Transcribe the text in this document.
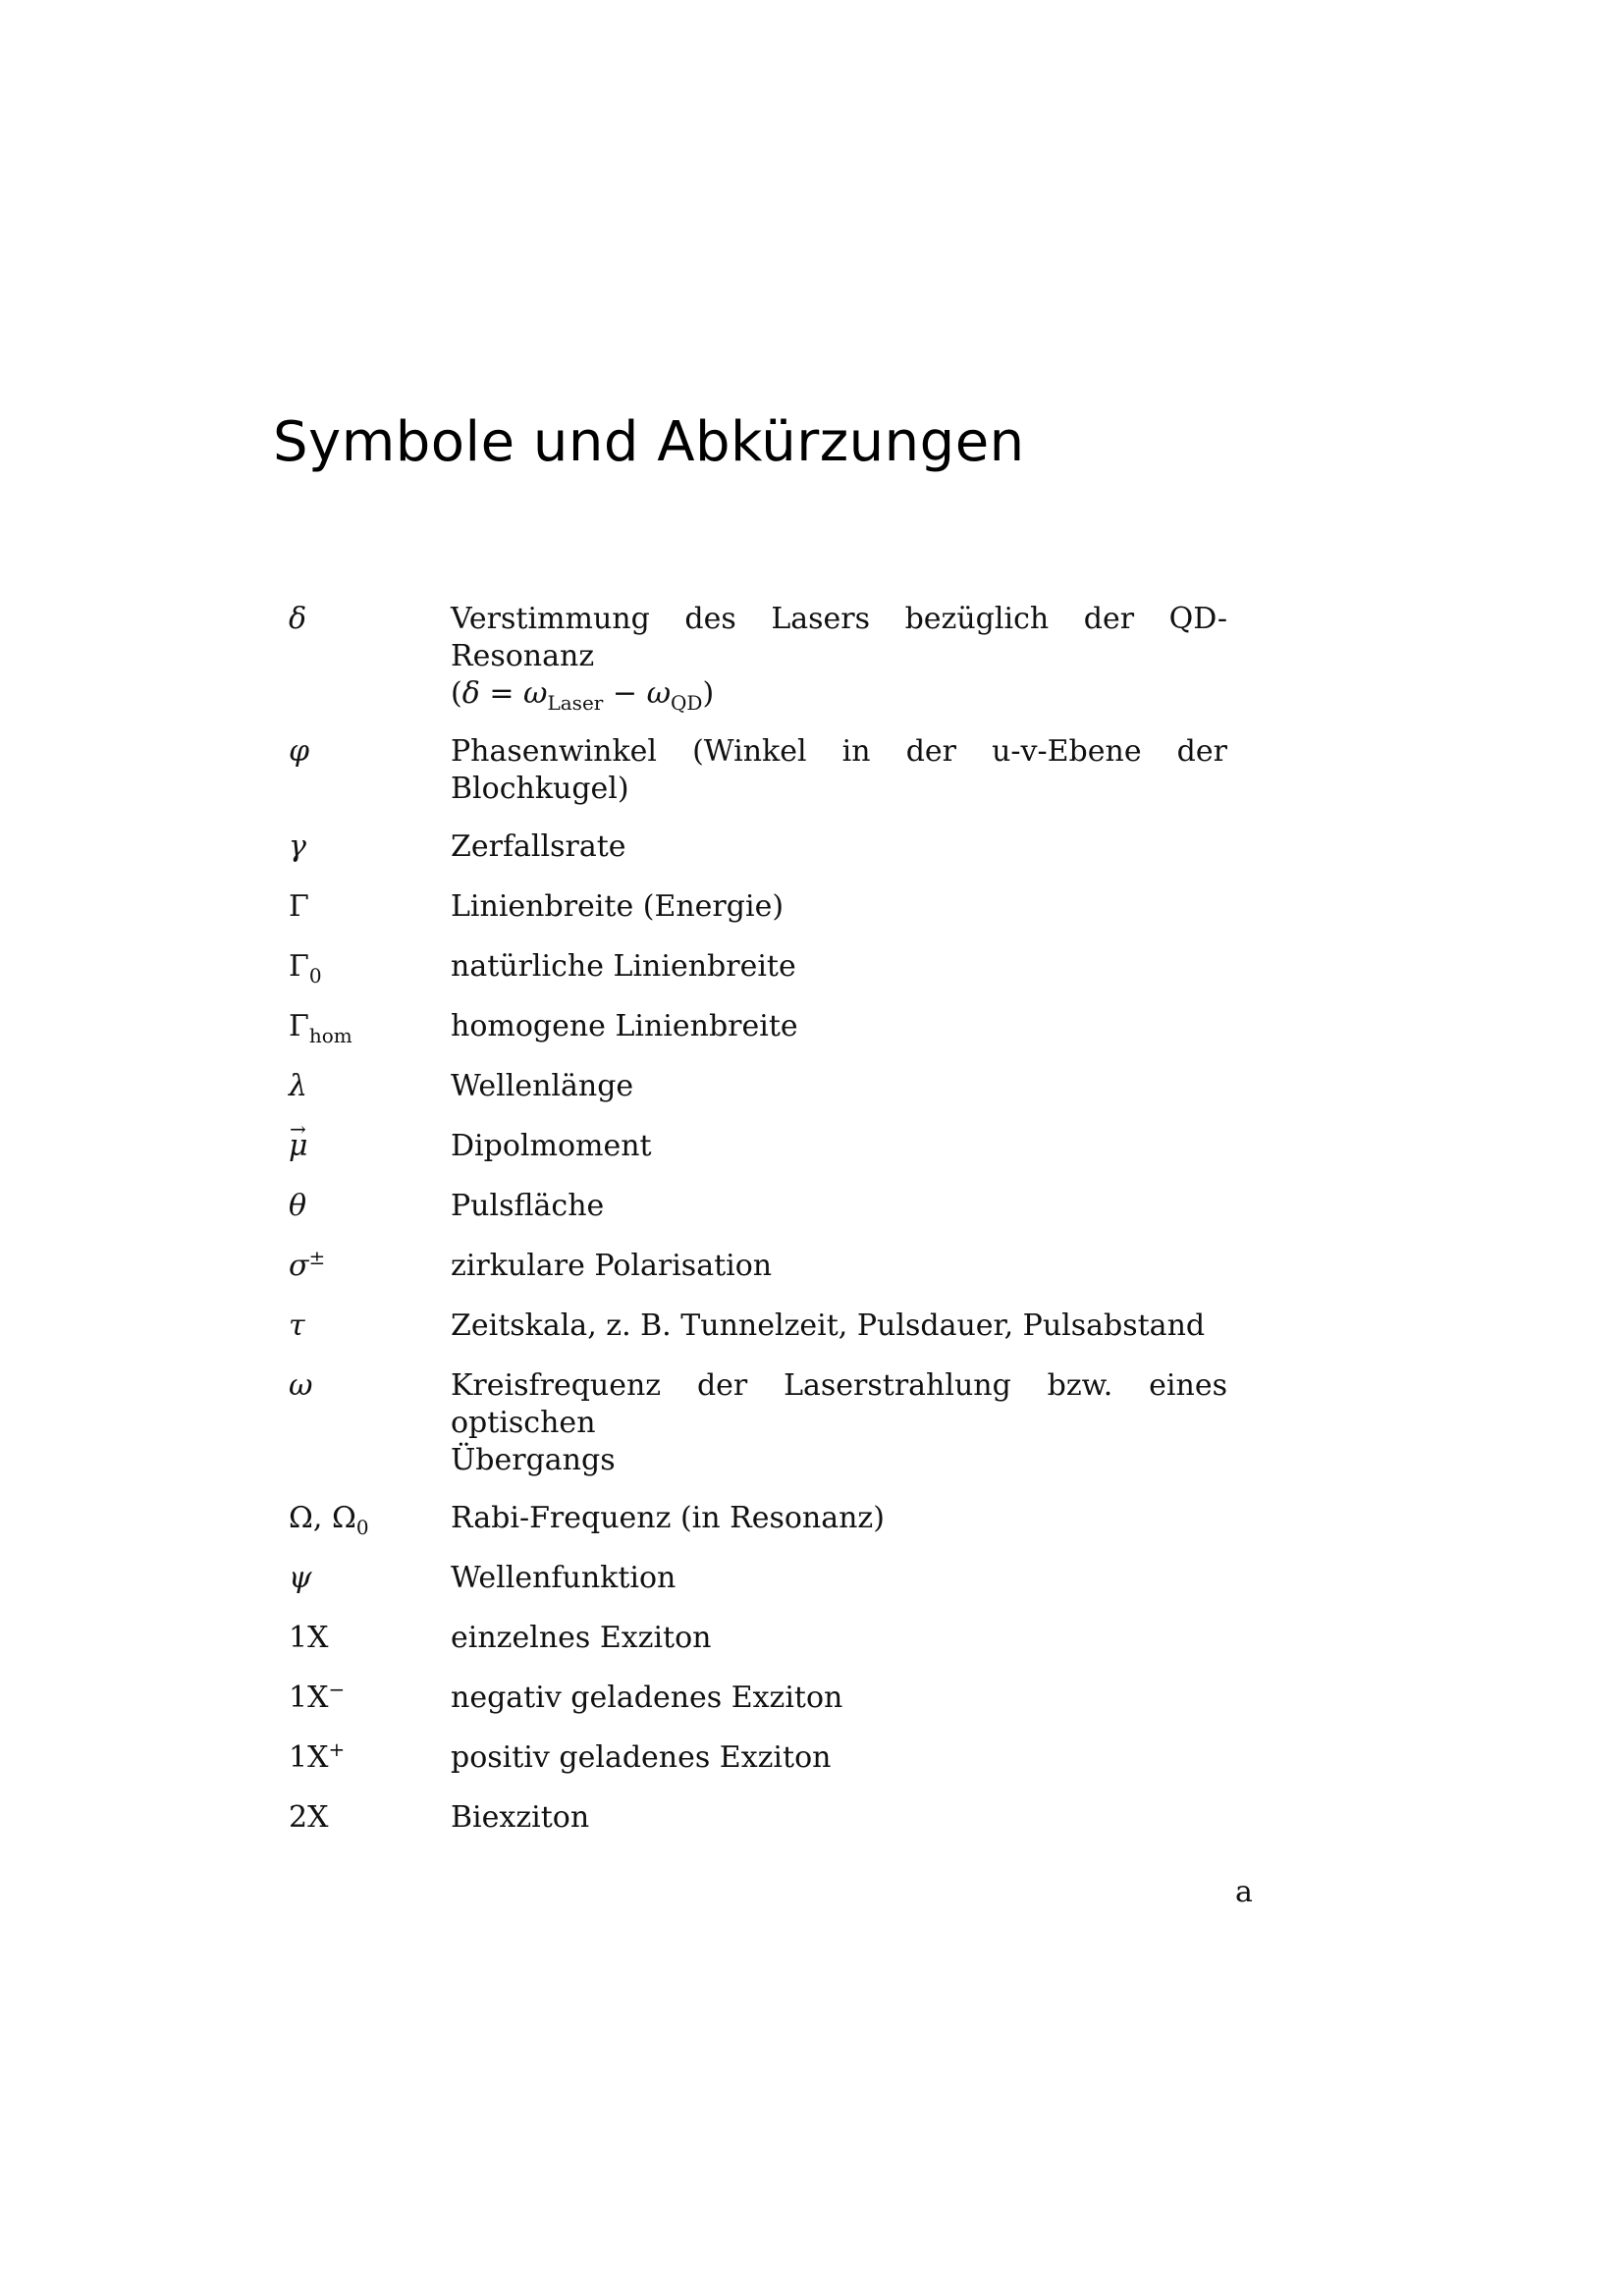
Symbole und Abkürzungen
δ	Verstimmung des Lasers bezüglich der QD-Resonanz
$(\delta = \omega_{Laser} - \omega_{QD})$
φ	Phasenwinkel (Winkel in der u-v-Ebene der Blochkugel)
γ	Zerfallsrate
Γ	Linienbreite (Energie)
$\Gamma_0$	natürliche Linienbreite
$\Gamma_{hom}$	homogene Linienbreite
λ	Wellenlänge
→ μ	Dipolmoment
θ	Pulsfläche
σ±	zirkulare Polarisation
τ	Zeitskala, z. B. Tunnelzeit, Pulsdauer, Pulsabstand
ω	Kreisfrequenz der Laserstrahlung bzw. eines optischen
Übergangs
Ω, $\Omega_0$	Rabi-Frequenz (in Resonanz)
ψ	Wellenfunktion
1X	einzelnes Exziton
1X−	negativ geladenes Exziton
1X+	positiv geladenes Exziton
2X	Biexziton

a
